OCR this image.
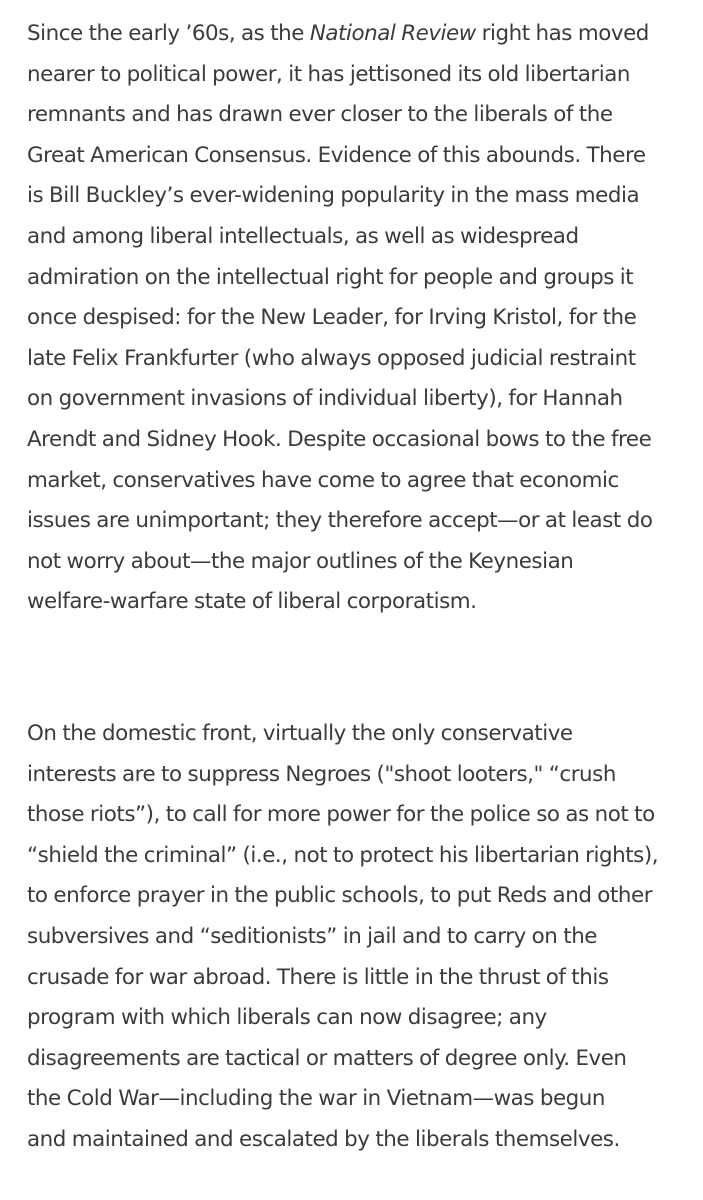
Since the early ’60s, as the National Review right has moved
nearer to political power, it has jettisoned its old libertarian
remnants and has drawn ever closer to the liberals of the
Great American Consensus. Evidence of this abounds. There
is Bill Buckley’s ever-widening popularity in the mass media
and among liberal intellectuals, as well as widespread
admiration on the intellectual right for people and groups it
once despised: for the New Leader, for Irving Kristol, for the
late Felix Frankfurter (who always opposed judicial restraint
on government invasions of individual liberty), for Hannah
Arendt and Sidney Hook. Despite occasional bows to the free
market, conservatives have come to agree that economic
issues are unimportant; they therefore accept—or at least do
not worry about—the major outlines of the Keynesian
welfare-warfare state of liberal corporatism.

On the domestic front, virtually the only conservative
interests are to suppress Negroes ("shoot looters," “crush
those riots”), to call for more power for the police so as not to
“shield the criminal” (i.e., not to protect his libertarian rights),
to enforce prayer in the public schools, to put Reds and other
subversives and “seditionists” in jail and to carry on the
crusade for war abroad. There is little in the thrust of this
program with which liberals can now disagree; any
disagreements are tactical or matters of degree only. Even
the Cold War—including the war in Vietnam—was begun
and maintained and escalated by the liberals themselves.
